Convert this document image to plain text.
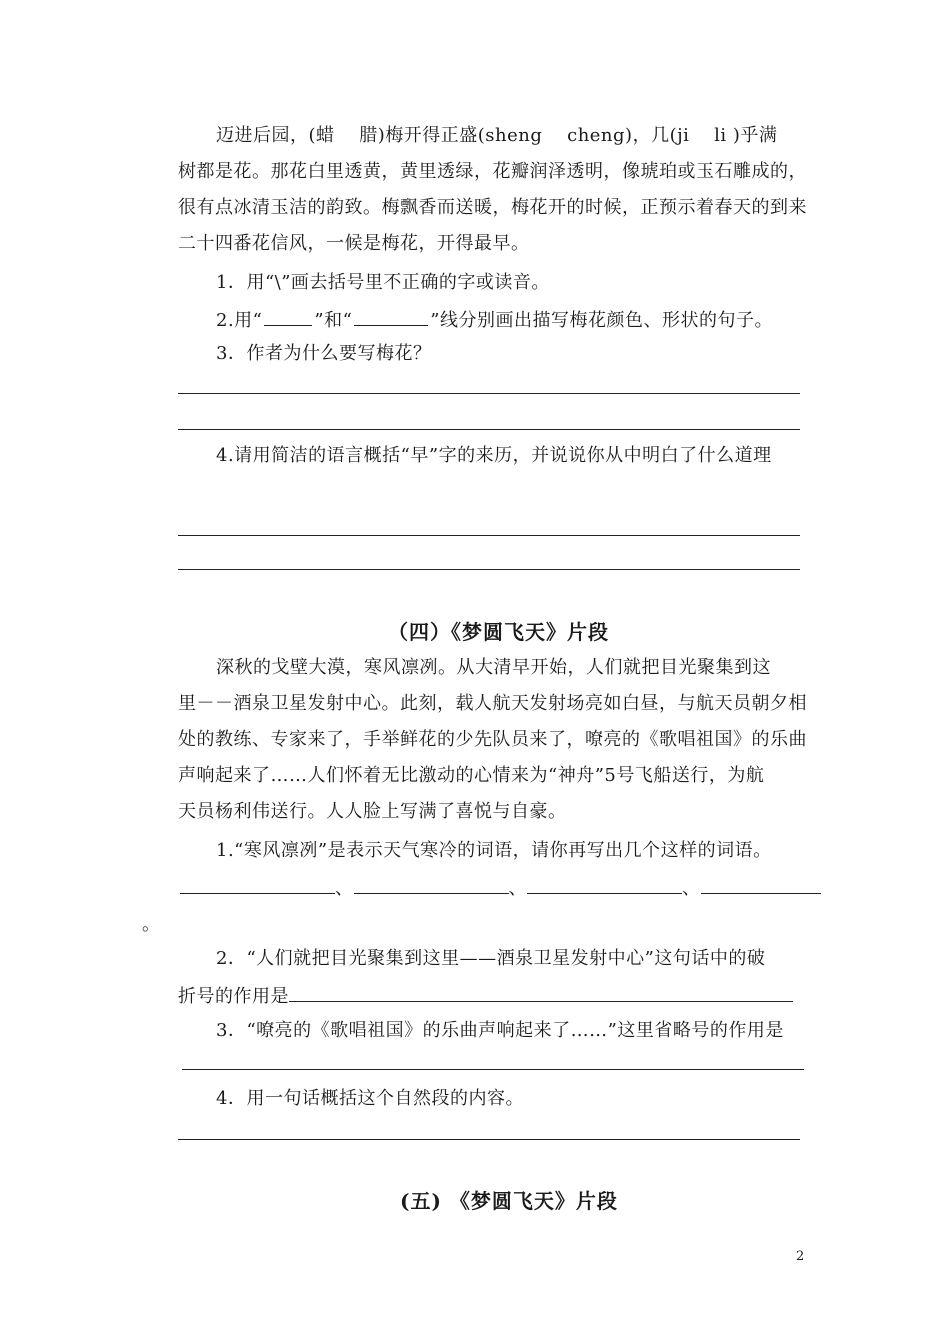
迈进后园，(蜡　 腊)梅开得正盛(sheng　 cheng)，几(ji　 li )乎满
树都是花。那花白里透黄，黄里透绿，花瓣润泽透明，像琥珀或玉石雕成的，
很有点冰清玉洁的韵致。梅飘香而送暖，梅花开的时候，正预示着春天的到来
二十四番花信风，一候是梅花，开得最早。
1．用“\”画去括号里不正确的字或读音。
2.用“	”和“	”线分别画出描写梅花颜色、形状的句子。
3．作者为什么要写梅花？
4.请用简洁的语言概括“早”字的来历，并说说你从中明白了什么道理
（四）《梦圆飞天》片段
深秋的戈壁大漠，寒风凛冽。从大清早开始，人们就把目光聚集到这
里－－酒泉卫星发射中心。此刻，载人航天发射场亮如白昼，与航天员朝夕相
处的教练、专家来了，手举鲜花的少先队员来了，嘹亮的《歌唱祖国》的乐曲
声响起来了……人们怀着无比激动的心情来为“神舟”5号飞船送行，为航
天员杨利伟送行。人人脸上写满了喜悦与自豪。
1.“寒风凛冽”是表示天气寒冷的词语，请你再写出几个这样的词语。
、	、	、
。
2．“人们就把目光聚集到这里——酒泉卫星发射中心”这句话中的破
折号的作用是
3．“嘹亮的《歌唱祖国》的乐曲声响起来了……”这里省略号的作用是
4．用一句话概括这个自然段的内容。
(五) 《梦圆飞天》片段
2
